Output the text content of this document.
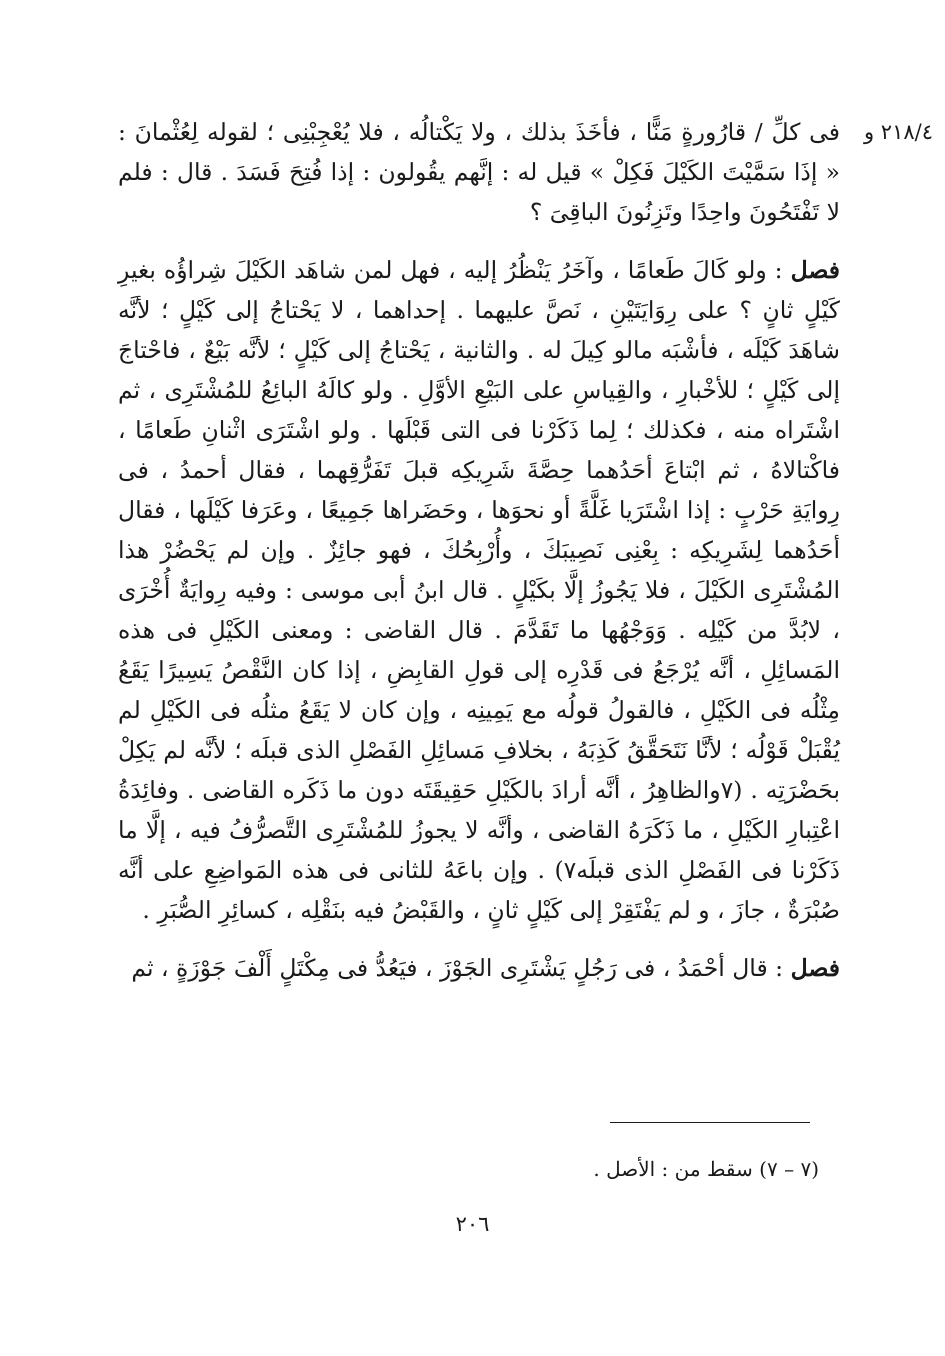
٢١٨/٤ و

فى كلِّ / قارُورةٍ مَنًّا ، فأخَذَ بذلك ، ولا يَكْتالُه ، فلا يُعْجِبْنِى ؛ لقوله لِعُثْمانَ : « إذَا سَمَّيْتَ الكَيْلَ فَكِلْ » قيل له : إنَّهم يقُولون : إذا فُتِحَ فَسَدَ . قال : فلم لا تَفْتَحُونَ واحِدًا وتَزِنُونَ الباقِىَ ؟

فصل : ولو كَالَ طَعامًا ، وآخَرُ يَنْظُرُ إليه ، فهل لمن شاهَد الكَيْلَ شِراؤُه بغيرِ كَيْلٍ ثانٍ ؟ على رِوَايَتَيْنِ ، نَصَّ عليهما . إحداهما ، لا يَحْتاجُ إلى كَيْلٍ ؛ لأنَّه شاهَدَ كَيْلَه ، فأشْبَه مالو كِيلَ له . والثانية ، يَحْتاجُ إلى كَيْلٍ ؛ لأنَّه بَيْعٌ ، فاحْتاجَ إلى كَيْلٍ ؛ للأخْبارِ ، والقِياسِ على البَيْعِ الأوَّلِ . ولو كالَهُ البائِعُ للمُشْتَرِى ، ثم اشْتَراه منه ، فكذلك ؛ لِما ذَكَرْنا فى التى قَبْلَها . ولو اشْتَرَى اثْنانِ طَعامًا ، فاكْتالاهُ ، ثم ابْتاعَ أحَدُهما حِصَّةَ شَرِيكِه قبلَ تَفَرُّقِهما ، فقال أحمدُ ، فى رِوايَةِ حَرْبٍ : إذا اشْتَرَيا غَلَّةً أو نحوَها ، وحَضَراها جَمِيعًا ، وعَرَفا كَيْلَها ، فقال أحَدُهما لِشَرِيكِه : بِعْنِى نَصِيبَكَ ، وأُرْبِحُكَ ، فهو جائِزٌ . وإن لم يَحْضُرْ هذا المُشْتَرِى الكَيْلَ ، فلا يَجُوزُ إلَّا بكَيْلٍ . قال ابنُ أبى موسى : وفيه رِوايَةٌ أُخْرَى ، لابُدَّ من كَيْلِه . وَوَجْهُها ما تَقَدَّمَ . قال القاضى : ومعنى الكَيْلِ فى هذه المَسائِلِ ، أنَّه يُرْجَعُ فى قَدْرِه إلى قولِ القابِضِ ، إذا كان النَّقْصُ يَسِيرًا يَقَعُ مِثْلُه فى الكَيْلِ ، فالقولُ قولُه مع يَمِينِه ، وإن كان لا يَقَعُ مثلُه فى الكَيْلِ لم يُقْبَلْ قَوْلُه ؛ لأنَّا نَتَحَقَّقُ كَذِبَهُ ، بخلافِ مَسائِلِ الفَصْلِ الذى قبلَه ؛ لأنَّه لم يَكِلْ بحَضْرَتِه . (٧والظاهِرُ ، أنَّه أرادَ بالكَيْلِ حَقِيقَتَه دون ما ذَكَره القاضى . وفائِدَةُ اعْتِبارِ الكَيْلِ ، ما ذَكَرَهُ القاضى ، وأنَّه لا يجوزُ للمُشْتَرِى التَّصرُّفُ فيه ، إلَّا ما ذَكَرْنا فى الفَصْلِ الذى قبلَه٧) . وإن باعَهُ للثانى فى هذه المَواضِعِ على أنَّه صُبْرَةٌ ، جازَ ، و لم يَفْتَقِرْ إلى كَيْلٍ ثانٍ ، والقَبْضُ فيه بنَقْلِه ، كسائِرِ الصُّبَرِ .

فصل : قال أحْمَدُ ، فى رَجُلٍ يَشْتَرِى الجَوْزَ ، فيَعُدُّ فى مِكْتَلٍ أَلْفَ جَوْزَةٍ ، ثم

(٧ – ٧) سقط من : الأصل .
٢٠٦
